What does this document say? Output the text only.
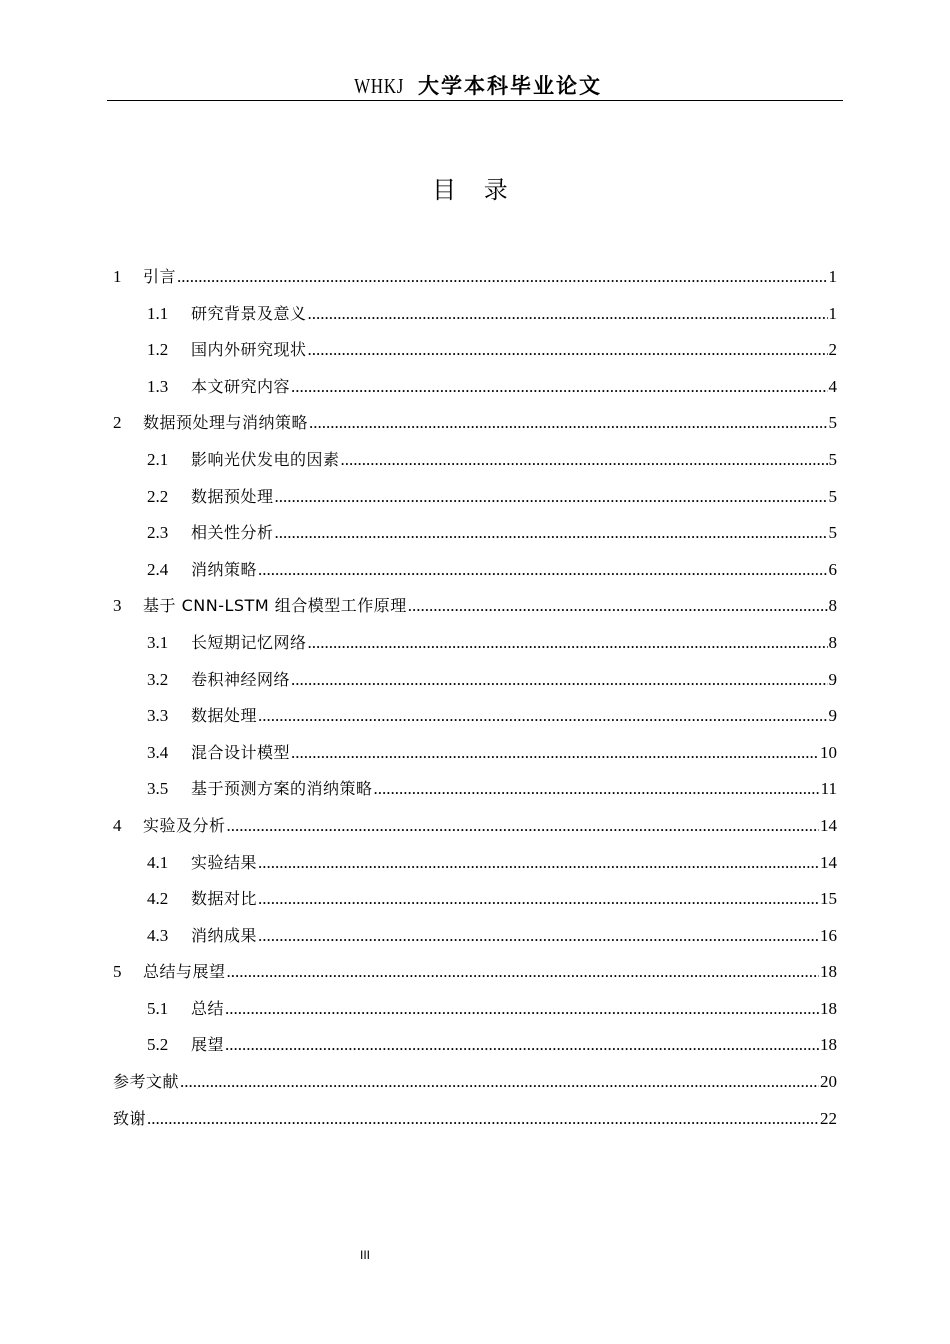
WHKJ 大学本科毕业论文
目 录
1	引言 .....	1
1.1	研究背景及意义 .....	1
1.2	国内外研究现状 .....	2
1.3	本文研究内容 .....	4
2	数据预处理与消纳策略 .....	5
2.1	影响光伏发电的因素 .....	5
2.2	数据预处理 .....	5
2.3	相关性分析 .....	5
2.4	消纳策略 .....	6
3	基于 CNN-LSTM 组合模型工作原理 .....	8
3.1	长短期记忆网络 .....	8
3.2	卷积神经网络 .....	9
3.3	数据处理 .....	9
3.4	混合设计模型 .....	10
3.5	基于预测方案的消纳策略 .....	11
4	实验及分析 .....	14
4.1	实验结果 .....	14
4.2	数据对比 .....	15
4.3	消纳成果 .....	16
5	总结与展望 .....	18
5.1	总结 .....	18
5.2	展望 .....	18
参考文献 .....	20
致谢 .....	22
III
